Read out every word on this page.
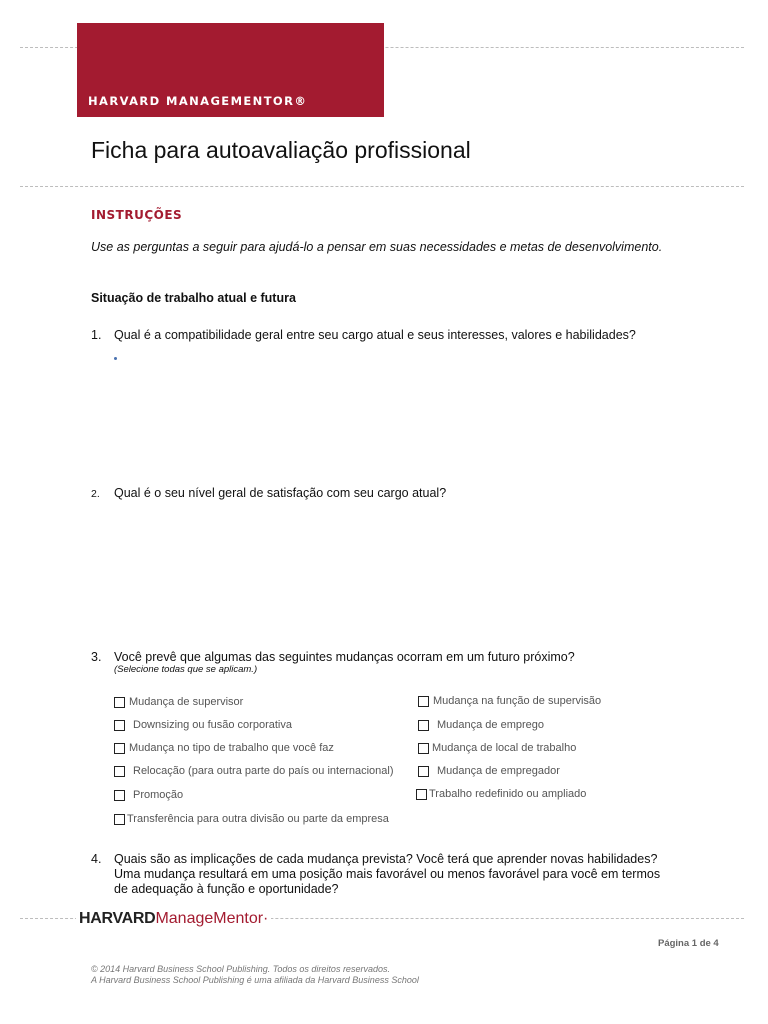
HARVARD MANAGEMENTOR®
Ficha para autoavaliação profissional
INSTRUÇÕES
Use as perguntas a seguir para ajudá-lo a pensar em suas necessidades e metas de desenvolvimento.
Situação de trabalho atual e futura
1. Qual é a compatibilidade geral entre seu cargo atual e seus interesses, valores e habilidades?
2. Qual é o seu nível geral de satisfação com seu cargo atual?
3. Você prevê que algumas das seguintes mudanças ocorram em um futuro próximo?
(Selecione todas que se aplicam.)
Mudança de supervisor
Downsizing ou fusão corporativa
Mudança no tipo de trabalho que você faz
Relocação (para outra parte do país ou internacional)
Promoção
Transferência para outra divisão ou parte da empresa
Mudança na função de supervisão
Mudança de emprego
Mudança de local de trabalho
Mudança de empregador
Trabalho redefinido ou ampliado
4. Quais são as implicações de cada mudança prevista? Você terá que aprender novas habilidades? Uma mudança resultará em uma posição mais favorável ou menos favorável para você em termos de adequação à função e oportunidade?
HARVARD ManageMentor·
Página 1 de 4
© 2014 Harvard Business School Publishing. Todos os direitos reservados.
A Harvard Business School Publishing é uma afiliada da Harvard Business School
